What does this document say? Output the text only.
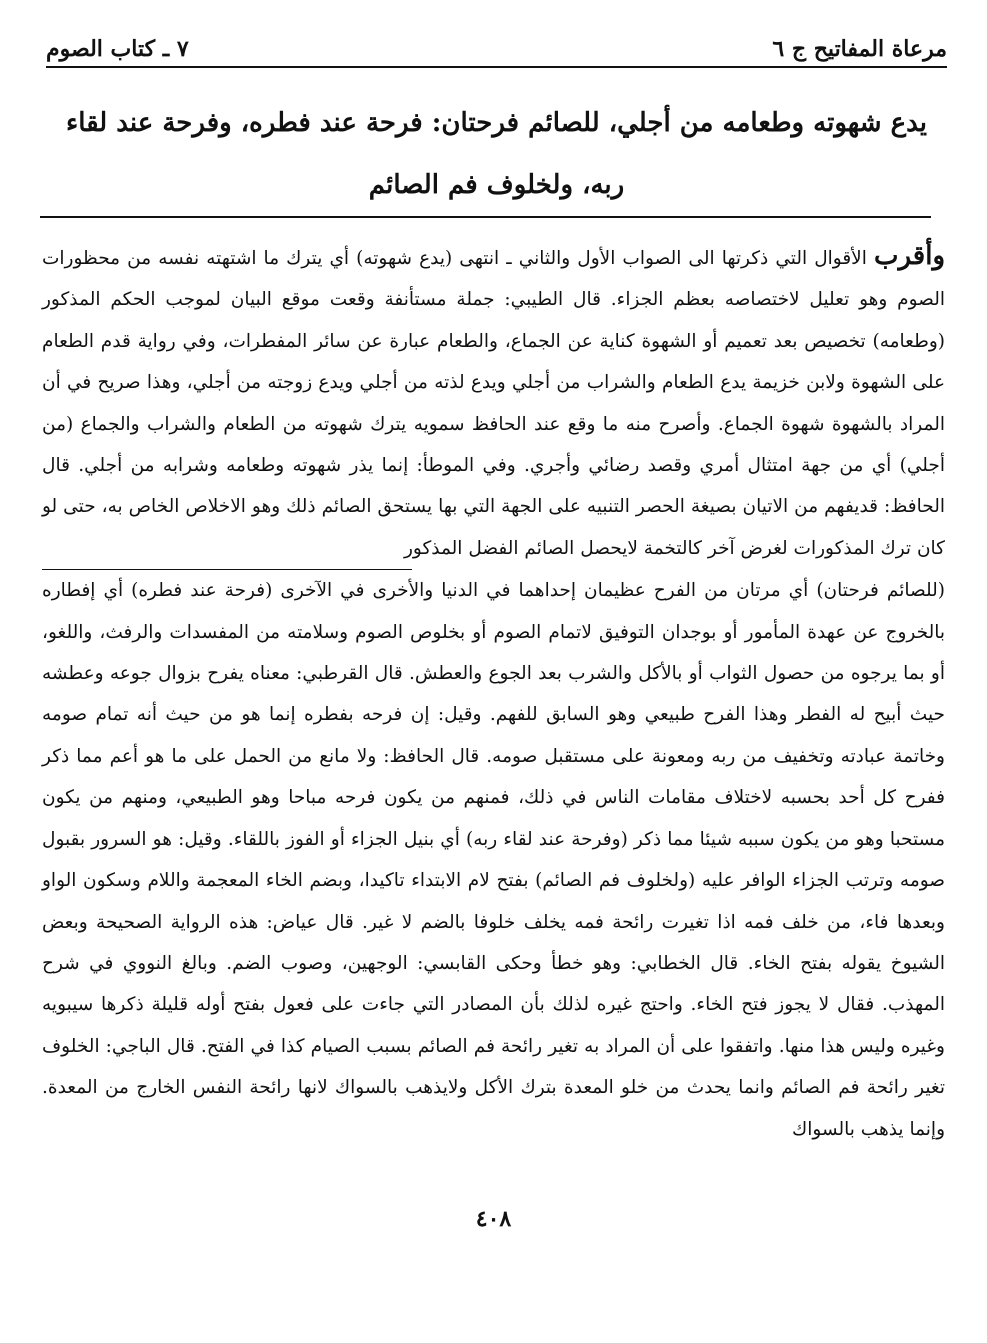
مرعاة المفاتيح ج ٦
٧ ـ كتاب الصوم
يدع شهوته وطعامه من أجلي، للصائم فرحتان: فرحة عند فطره، وفرحة عند لقاء ربه، ولخلوف فم الصائم

وأقرب الأقوال التي ذكرتها الى الصواب الأول والثاني ـ انتهى (يدع شهوته) أي يترك ما اشتهته نفسه من محظورات الصوم وهو تعليل لاختصاصه بعظم الجزاء. قال الطيبي: جملة مستأنفة وقعت موقع البيان لموجب الحكم المذكور (وطعامه) تخصيص بعد تعميم أو الشهوة كناية عن الجماع، والطعام عبارة عن سائر المفطرات، وفي رواية قدم الطعام على الشهوة ولابن خزيمة يدع الطعام والشراب من أجلي ويدع لذته من أجلي ويدع زوجته من أجلي، وهذا صريح في أن المراد بالشهوة شهوة الجماع. وأصرح منه ما وقع عند الحافظ سمويه يترك شهوته من الطعام والشراب والجماع (من أجلي) أي من جهة امتثال أمري وقصد رضائي وأجري. وفي الموطأ: إنما يذر شهوته وطعامه وشرابه من أجلي. قال الحافظ: قديفهم من الاتيان بصيغة الحصر التنبيه على الجهة التي بها يستحق الصائم ذلك وهو الاخلاص الخاص به، حتى لو كان ترك المذكورات لغرض آخر كالتخمة لايحصل الصائم الفضل المذكور

(للصائم فرحتان) أي مرتان من الفرح عظيمان إحداهما في الدنيا والأخرى في الآخرى (فرحة عند فطره) أي إفطاره بالخروج عن عهدة المأمور أو بوجدان التوفيق لاتمام الصوم أو بخلوص الصوم وسلامته من المفسدات والرفث، واللغو، أو بما يرجوه من حصول الثواب أو بالأكل والشرب بعد الجوع والعطش. قال القرطبي: معناه يفرح بزوال جوعه وعطشه حيث أبيح له الفطر وهذا الفرح طبيعي وهو السابق للفهم. وقيل: إن فرحه بفطره إنما هو من حيث أنه تمام صومه وخاتمة عبادته وتخفيف من ربه ومعونة على مستقبل صومه. قال الحافظ: ولا مانع من الحمل على ما هو أعم مما ذكر ففرح كل أحد بحسبه لاختلاف مقامات الناس في ذلك، فمنهم من يكون فرحه مباحا وهو الطبيعي، ومنهم من يكون مستحبا وهو من يكون سببه شيئا مما ذكر (وفرحة عند لقاء ربه) أي بنيل الجزاء أو الفوز باللقاء. وقيل: هو السرور بقبول صومه وترتب الجزاء الوافر عليه (ولخلوف فم الصائم) بفتح لام الابتداء تاكيدا، وبضم الخاء المعجمة واللام وسكون الواو وبعدها فاء، من خلف فمه اذا تغيرت رائحة فمه يخلف خلوفا بالضم لا غير. قال عياض: هذه الرواية الصحيحة وبعض الشيوخ يقوله بفتح الخاء. قال الخطابي: وهو خطأ وحكى القابسي: الوجهين، وصوب الضم. وبالغ النووي في شرح المهذب. فقال لا يجوز فتح الخاء. واحتج غيره لذلك بأن المصادر التي جاءت على فعول بفتح أوله قليلة ذكرها سيبويه وغيره وليس هذا منها. واتفقوا على أن المراد به تغير رائحة فم الصائم بسبب الصيام كذا في الفتح. قال الباجي: الخلوف تغير رائحة فم الصائم وانما يحدث من خلو المعدة بترك الأكل ولايذهب بالسواك لانها رائحة النفس الخارج من المعدة. وإنما يذهب بالسواك

٤٠٨
